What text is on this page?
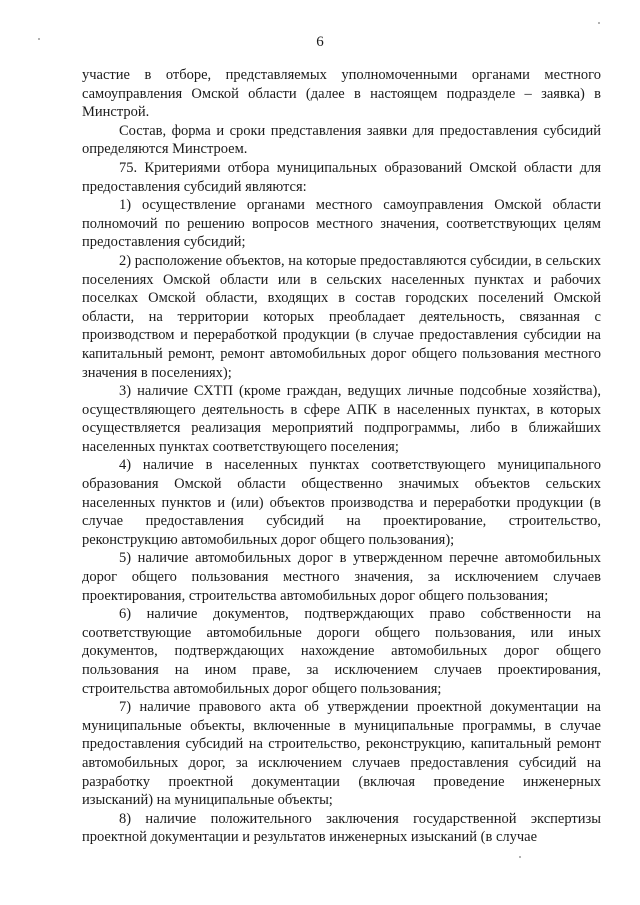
6

участие в отборе, представляемых уполномоченными органами местного самоуправления Омской области (далее в настоящем подразделе – заявка) в Минстрой.

Состав, форма и сроки представления заявки для предоставления субсидий определяются Минстроем.

75. Критериями отбора муниципальных образований Омской области для предоставления субсидий являются:

1) осуществление органами местного самоуправления Омской области полномочий по решению вопросов местного значения, соответствующих целям предоставления субсидий;

2) расположение объектов, на которые предоставляются субсидии, в сельских поселениях Омской области или в сельских населенных пунктах и рабочих поселках Омской области, входящих в состав городских поселений Омской области, на территории которых преобладает деятельность, связанная с производством и переработкой продукции (в случае предоставления субсидии на капитальный ремонт, ремонт автомобильных дорог общего пользования местного значения в поселениях);

3) наличие СХТП (кроме граждан, ведущих личные подсобные хозяйства), осуществляющего деятельность в сфере АПК в населенных пунктах, в которых осуществляется реализация мероприятий подпрограммы, либо в ближайших населенных пунктах соответствующего поселения;

4) наличие в населенных пунктах соответствующего муниципального образования Омской области общественно значимых объектов сельских населенных пунктов и (или) объектов производства и переработки продукции (в случае предоставления субсидий на проектирование, строительство, реконструкцию автомобильных дорог общего пользования);

5) наличие автомобильных дорог в утвержденном перечне автомобильных дорог общего пользования местного значения, за исключением случаев проектирования, строительства автомобильных дорог общего пользования;

6) наличие документов, подтверждающих право собственности на соответствующие автомобильные дороги общего пользования, или иных документов, подтверждающих нахождение автомобильных дорог общего пользования на ином праве, за исключением случаев проектирования, строительства автомобильных дорог общего пользования;

7) наличие правового акта об утверждении проектной документации на муниципальные объекты, включенные в муниципальные программы, в случае предоставления субсидий на строительство, реконструкцию, капитальный ремонт автомобильных дорог, за исключением случаев предоставления субсидий на разработку проектной документации (включая проведение инженерных изысканий) на муниципальные объекты;

8) наличие положительного заключения государственной экспертизы проектной документации и результатов инженерных изысканий (в случае
